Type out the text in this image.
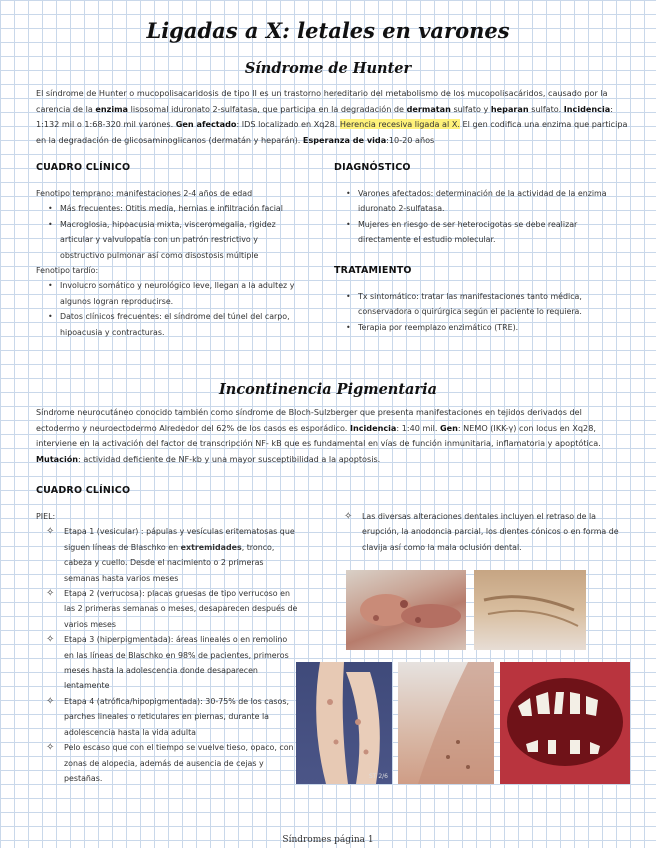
Ligadas a X: letales en varones
Síndrome de Hunter
El síndrome de Hunter o mucopolisacaridosis de tipo II es un trastorno hereditario del metabolismo de los mucopolisacáridos, causado por la carencia de la enzima lisosomal iduronato 2-sulfatasa, que participa en la degradación de dermatan sulfato y heparan sulfato. Incidencia: 1:132 mil o 1:68-320 mil varones. Gen afectado: IDS localizado en Xq28. Herencia recesiva ligada al X. El gen codifica una enzima que participa en la degradación de glicosaminoglicanos (dermatán y heparán). Esperanza de vida:10-20 años
CUADRO CLÍNICO
Fenotipo temprano: manifestaciones 2-4 años de edad
• Más frecuentes: Otitis media, hernias e infiltración facial
• Macroglosia, hipoacusia mixta, visceromegalia, rigidez articular y valvulopatía con un patrón restrictivo y obstructivo pulmonar así como disostosis múltiple
Fenotipo tardío:
• Involucro somático y neurológico leve, llegan a la adultez y algunos logran reproducirse.
• Datos clínicos frecuentes: el síndrome del túnel del carpo, hipoacusia y contracturas.
DIAGNÓSTICO
• Varones afectados: determinación de la actividad de la enzima iduronato 2-sulfatasa.
• Mujeres en riesgo de ser heterocigotas se debe realizar directamente el estudio molecular.
TRATAMIENTO
• Tx sintomático: tratar las manifestaciones tanto médica, conservadora o quirúrgica según el paciente lo requiera.
• Terapia por reemplazo enzimático (TRE).
Incontinencia Pigmentaria
Síndrome neurocutáneo conocido también como síndrome de Bloch-Sulzberger que presenta manifestaciones en tejidos derivados del ectodermo y neuroectodermo Alrededor del 62% de los casos es esporádico. Incidencia: 1:40 mil. Gen: NEMO (IKK-γ) con locus en Xq28, interviene en la activación del factor de transcripción NF- kB que es fundamental en vías de función inmunitaria, inflamatoria y apoptótica. Mutación: actividad deficiente de NF-kb y una mayor susceptibilidad a la apoptosis.
CUADRO CLÍNICO
PIEL:
✧ Etapa 1 (vesicular) : pápulas y vesículas eritematosas que siguen líneas de Blaschko en extremidades, tronco, cabeza y cuello. Desde el nacimiento o 2 primeras semanas hasta varios meses
✧ Etapa 2 (verrucosa): placas gruesas de tipo verrucoso en las 2 primeras semanas o meses, desaparecen después de varios meses
✧ Etapa 3 (hiperpigmentada): áreas lineales o en remolino en las líneas de Blaschko en 98% de pacientes, primeros meses hasta la adolescencia donde desaparecen lentamente
✧ Etapa 4 (atrófica/hipopigmentada): 30-75% de los casos, parches lineales o reticulares en piernas, durante la adolescencia hasta la vida adulta
✧ Pelo escaso que con el tiempo se vuelve tieso, opaco, con zonas de alopecia, además de ausencia de cejas y pestañas.
✧ Las diversas alteraciones dentales incluyen el retraso de la erupción, la anodoncia parcial, los dientes cónicos o en forma de clavija así como la mala oclusión dental.
ST 2/6
Síndromes página 1
